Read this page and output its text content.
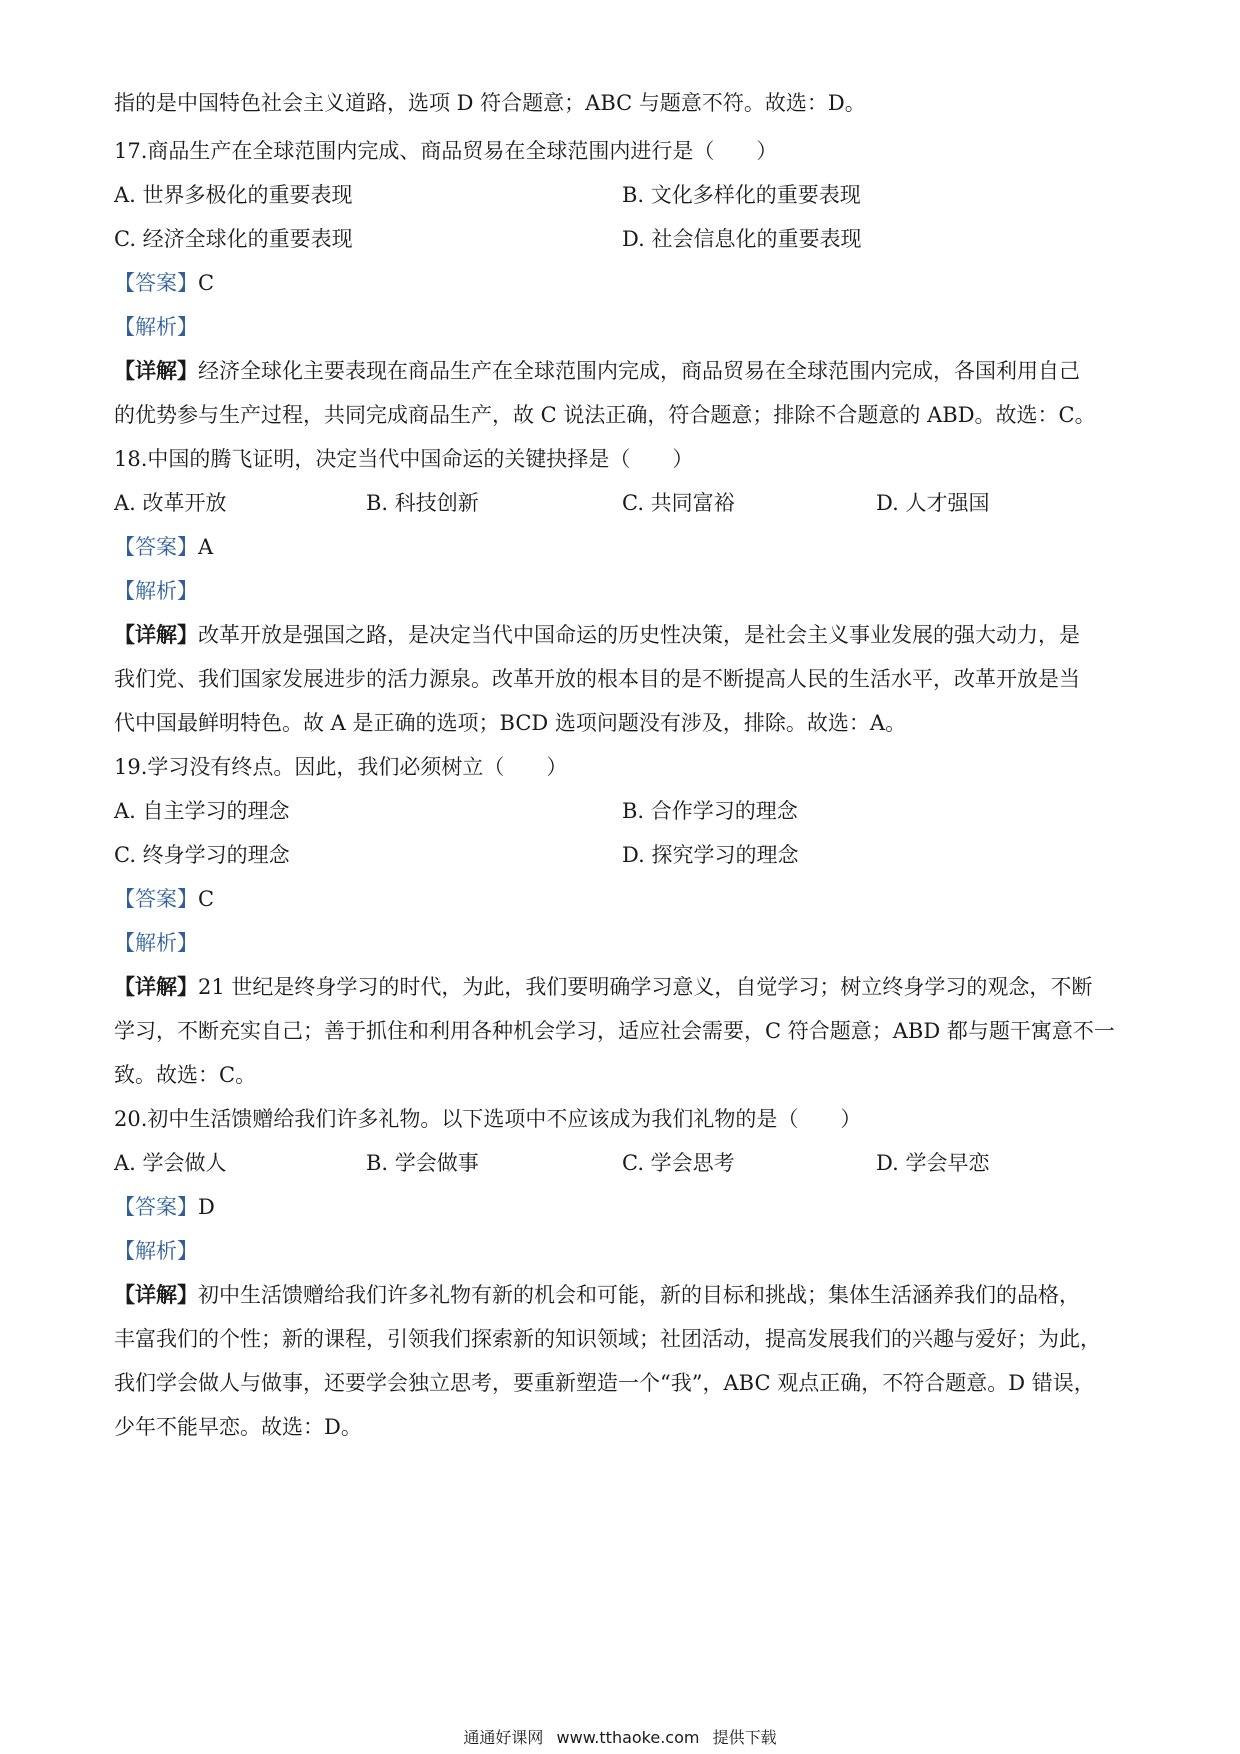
指的是中国特色社会主义道路，选项 D 符合题意；ABC 与题意不符。故选：D。
17.商品生产在全球范围内完成、商品贸易在全球范围内进行是（　　）
A. 世界多极化的重要表现	B. 文化多样化的重要表现
C. 经济全球化的重要表现	D. 社会信息化的重要表现
【答案】C
【解析】
【详解】经济全球化主要表现在商品生产在全球范围内完成，商品贸易在全球范围内完成，各国利用自己
的优势参与生产过程，共同完成商品生产，故 C 说法正确，符合题意；排除不合题意的 ABD。故选：C。
18.中国的腾飞证明，决定当代中国命运的关键抉择是（　　）
A. 改革开放	B. 科技创新	C. 共同富裕	D. 人才强国
【答案】A
【解析】
【详解】改革开放是强国之路，是决定当代中国命运的历史性决策，是社会主义事业发展的强大动力，是
我们党、我们国家发展进步的活力源泉。改革开放的根本目的是不断提高人民的生活水平，改革开放是当
代中国最鲜明特色。故 A 是正确的选项；BCD 选项问题没有涉及，排除。故选：A。
19.学习没有终点。因此，我们必须树立（　　）
A. 自主学习的理念	B. 合作学习的理念
C. 终身学习的理念	D. 探究学习的理念
【答案】C
【解析】
【详解】21 世纪是终身学习的时代，为此，我们要明确学习意义，自觉学习；树立终身学习的观念，不断
学习，不断充实自己；善于抓住和利用各种机会学习，适应社会需要，C 符合题意；ABD 都与题干寓意不一
致。故选：C。
20.初中生活馈赠给我们许多礼物。以下选项中不应该成为我们礼物的是（　　）
A. 学会做人	B. 学会做事	C. 学会思考	D. 学会早恋
【答案】D
【解析】
【详解】初中生活馈赠给我们许多礼物有新的机会和可能，新的目标和挑战；集体生活涵养我们的品格，
丰富我们的个性；新的课程，引领我们探索新的知识领域；社团活动，提高发展我们的兴趣与爱好；为此，
我们学会做人与做事，还要学会独立思考，要重新塑造一个“我”，ABC 观点正确，不符合题意。D 错误，
少年不能早恋。故选：D。
通通好课网 www.tthaoke.com 提供下载
